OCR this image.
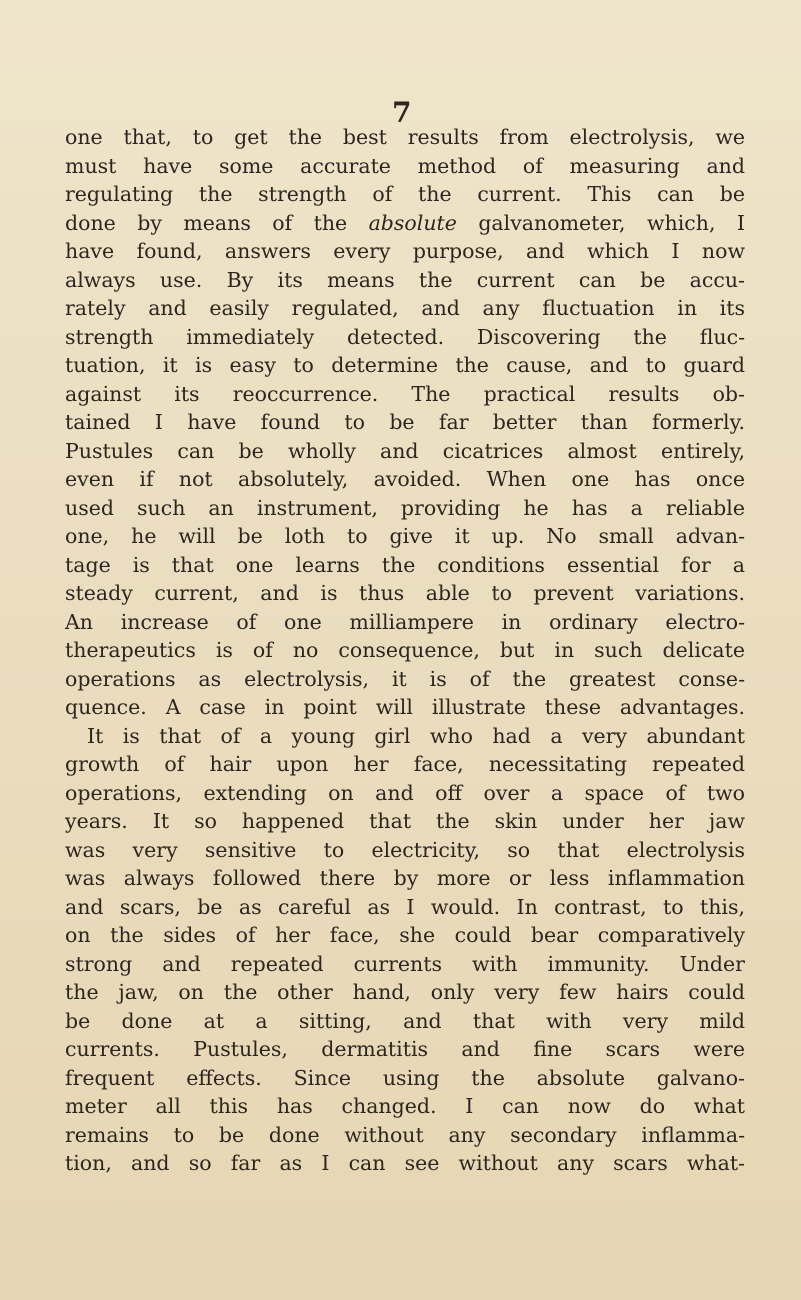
7
one that, to get the best results from electrolysis, we
must have some accurate method of measuring and
regulating the strength of the current. This can be
done by means of the absolute galvanometer, which, I
have found, answers every purpose, and which I now
always use. By its means the current can be accu-
rately and easily regulated, and any fluctuation in its
strength immediately detected. Discovering the fluc-
tuation, it is easy to determine the cause, and to guard
against its reoccurrence. The practical results ob-
tained I have found to be far better than formerly.
Pustules can be wholly and cicatrices almost entirely,
even if not absolutely, avoided. When one has once
used such an instrument, providing he has a reliable
one, he will be loth to give it up. No small advan-
tage is that one learns the conditions essential for a
steady current, and is thus able to prevent variations.
An increase of one milliampere in ordinary electro-
therapeutics is of no consequence, but in such delicate
operations as electrolysis, it is of the greatest conse-
quence. A case in point will illustrate these advantages.
It is that of a young girl who had a very abundant
growth of hair upon her face, necessitating repeated
operations, extending on and off over a space of two
years. It so happened that the skin under her jaw
was very sensitive to electricity, so that electrolysis
was always followed there by more or less inflammation
and scars, be as careful as I would. In contrast, to this,
on the sides of her face, she could bear comparatively
strong and repeated currents with immunity. Under
the jaw, on the other hand, only very few hairs could
be done at a sitting, and that with very mild
currents. Pustules, dermatitis and fine scars were
frequent effects. Since using the absolute galvano-
meter all this has changed. I can now do what
remains to be done without any secondary inflamma-
tion, and so far as I can see without any scars what-
